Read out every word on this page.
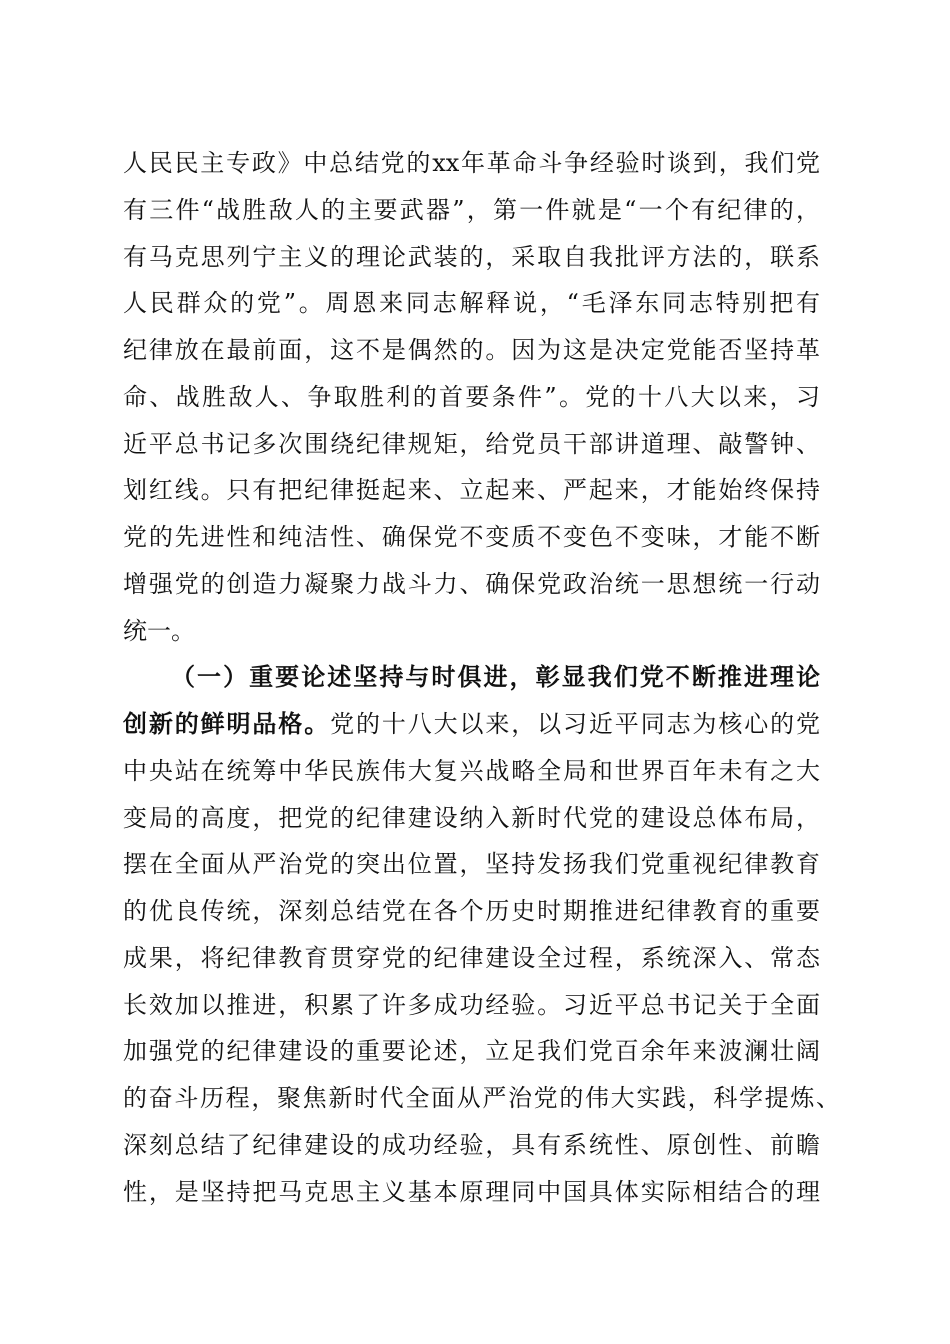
人民民主专政》中总结党的xx年革命斗争经验时谈到，我们党
有三件“战胜敌人的主要武器”，第一件就是“一个有纪律的，
有马克思列宁主义的理论武装的，采取自我批评方法的，联系
人民群众的党”。周恩来同志解释说，“毛泽东同志特别把有
纪律放在最前面，这不是偶然的。因为这是决定党能否坚持革
命、战胜敌人、争取胜利的首要条件”。党的十八大以来，习
近平总书记多次围绕纪律规矩，给党员干部讲道理、敲警钟、
划红线。只有把纪律挺起来、立起来、严起来，才能始终保持
党的先进性和纯洁性、确保党不变质不变色不变味，才能不断
增强党的创造力凝聚力战斗力、确保党政治统一思想统一行动
统一。
（一）重要论述坚持与时俱进，彰显我们党不断推进理论
创新的鲜明品格。党的十八大以来，以习近平同志为核心的党
中央站在统筹中华民族伟大复兴战略全局和世界百年未有之大
变局的高度，把党的纪律建设纳入新时代党的建设总体布局，
摆在全面从严治党的突出位置，坚持发扬我们党重视纪律教育
的优良传统，深刻总结党在各个历史时期推进纪律教育的重要
成果，将纪律教育贯穿党的纪律建设全过程，系统深入、常态
长效加以推进，积累了许多成功经验。习近平总书记关于全面
加强党的纪律建设的重要论述，立足我们党百余年来波澜壮阔
的奋斗历程，聚焦新时代全面从严治党的伟大实践，科学提炼、
深刻总结了纪律建设的成功经验，具有系统性、原创性、前瞻
性，是坚持把马克思主义基本原理同中国具体实际相结合的理
